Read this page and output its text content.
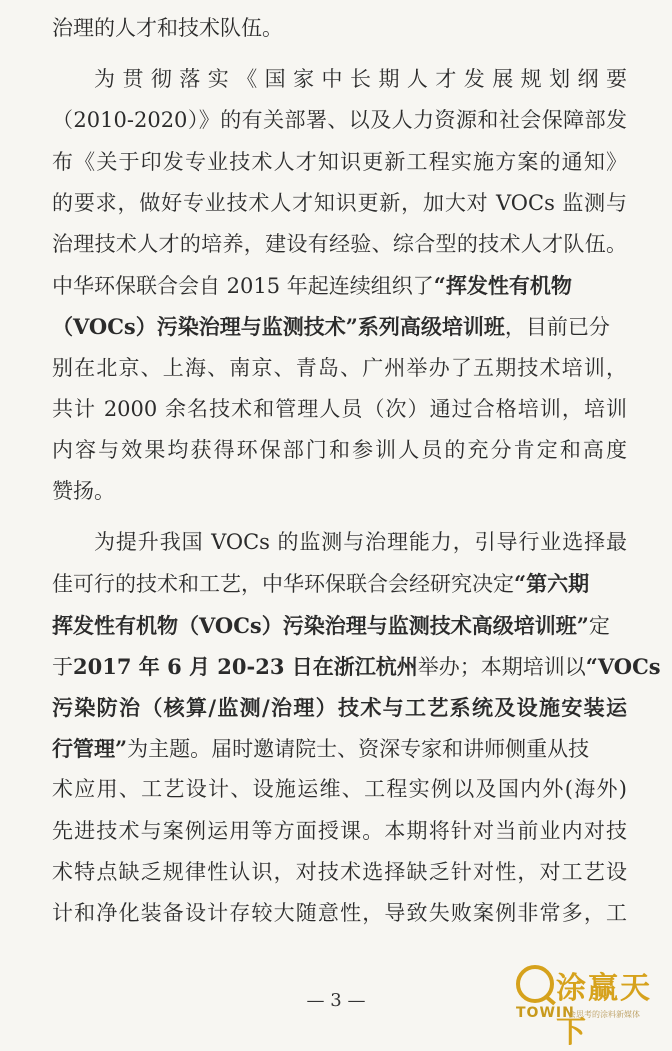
治理的人才和技术队伍。
为贯彻落实《国家中长期人才发展规划纲要
（2010-2020）》的有关部署、以及人力资源和社会保障部发
布《关于印发专业技术人才知识更新工程实施方案的通知》
的要求，做好专业技术人才知识更新，加大对 VOCs 监测与
治理技术人才的培养，建设有经验、综合型的技术人才队伍。
中华环保联合会自 2015 年起连续组织了“挥发性有机物
（VOCs）污染治理与监测技术”系列高级培训班，目前已分
别在北京、上海、南京、青岛、广州举办了五期技术培训，
共计 2000 余名技术和管理人员（次）通过合格培训，培训
内容与效果均获得环保部门和参训人员的充分肯定和高度
赞扬。
为提升我国 VOCs 的监测与治理能力，引导行业选择最
佳可行的技术和工艺，中华环保联合会经研究决定“第六期
挥发性有机物（VOCs）污染治理与监测技术高级培训班”定
于2017 年 6 月 20-23 日在浙江杭州举办；本期培训以“VOCs
污染防治（核算/监测/治理）技术与工艺系统及设施安装运
行管理”为主题。届时邀请院士、资深专家和讲师侧重从技
术应用、工艺设计、设施运维、工程实例以及国内外(海外)
先进技术与案例运用等方面授课。本期将针对当前业内对技
术特点缺乏规律性认识，对技术选择缺乏针对性，对工艺设
计和净化装备设计存较大随意性，导致失败案例非常多，工
— 3 —	涂赢天下
TOWIN
会思考的涂料新媒体
